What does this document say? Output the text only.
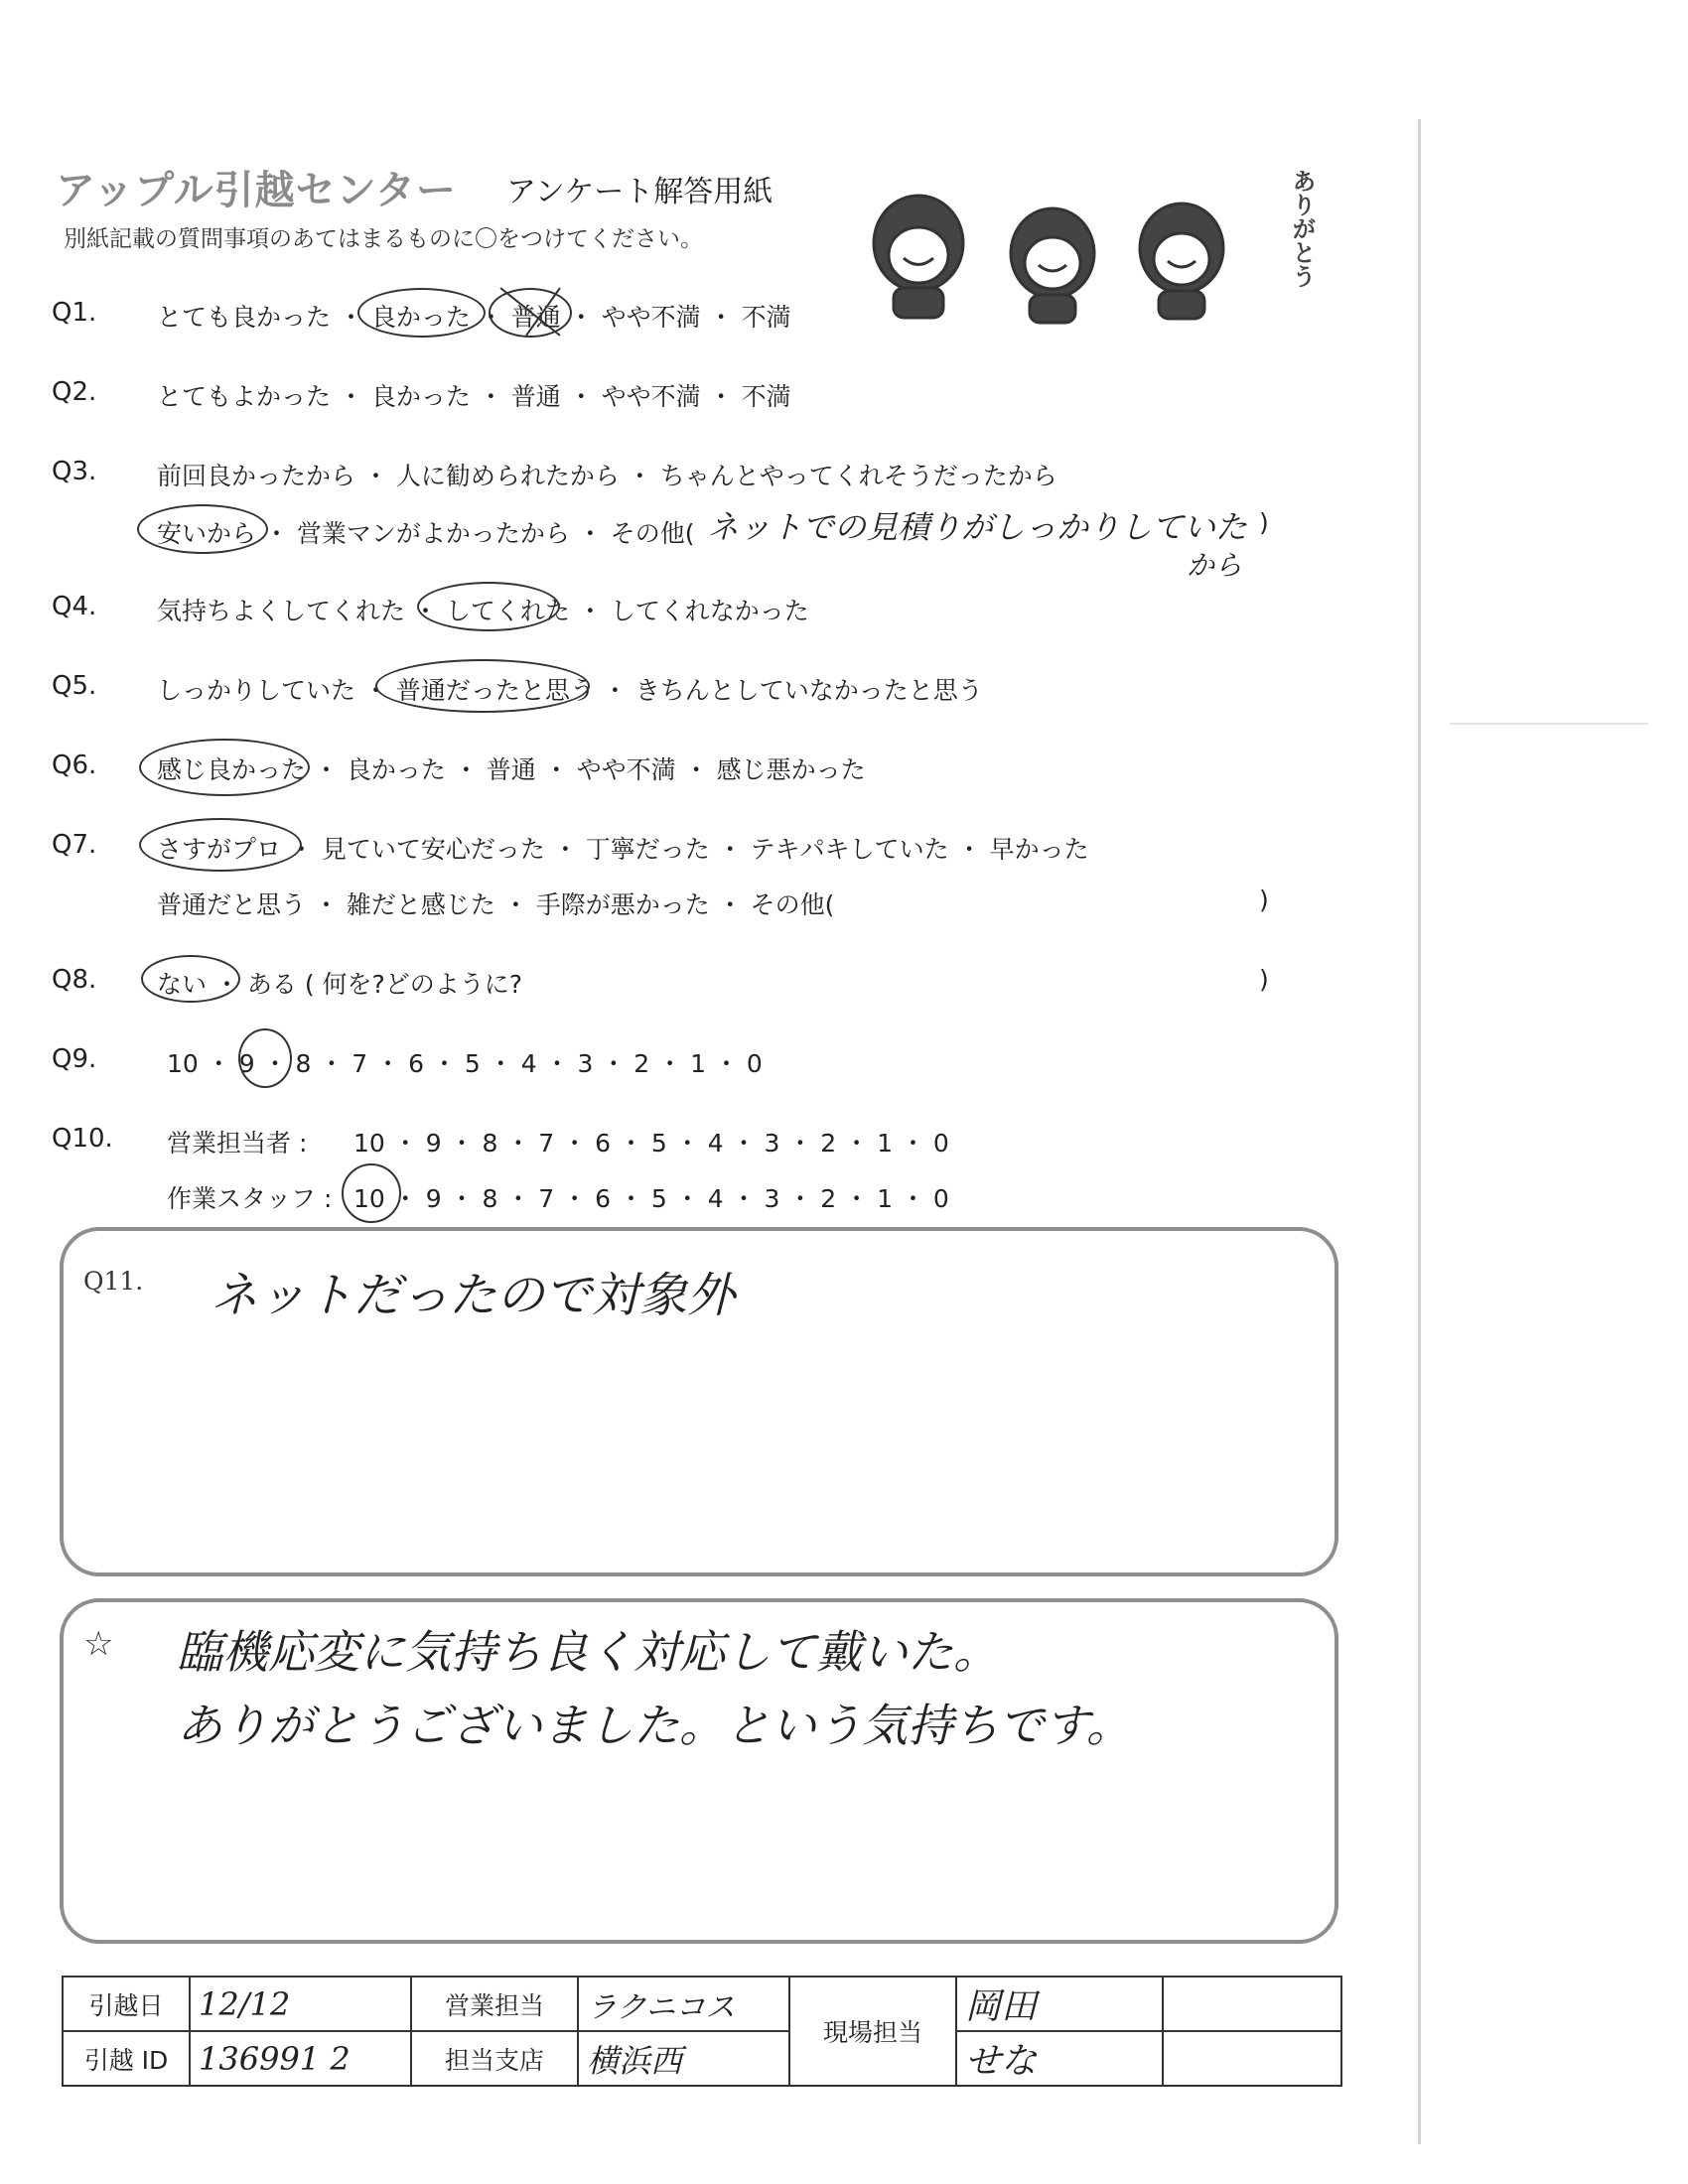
アップル引越センター アンケート解答用紙
別紙記載の質問事項のあてはまるものに〇をつけてください。	ありがとう
Q1. とても良かった ・ 良かった ・ 普通 ・ やや不満 ・ 不満
Q2. とてもよかった ・ 良かった ・ 普通 ・ やや不満 ・ 不満
Q3. 前回良かったから ・ 人に勧められたから ・ ちゃんとやってくれそうだったから
安いから ・ 営業マンがよかったから ・ その他( ネットでの見積りがしっかりしていた )
から
Q4. 気持ちよくしてくれた ・ してくれた ・ してくれなかった
Q5. しっかりしていた ・ 普通だったと思う ・ きちんとしていなかったと思う
Q6. 感じ良かった ・ 良かった ・ 普通 ・ やや不満 ・ 感じ悪かった
Q7. さすがプロ ・ 見ていて安心だった ・ 丁寧だった ・ テキパキしていた ・ 早かった
普通だと思う ・ 雑だと感じた ・ 手際が悪かった ・ その他(	)
Q8. ない ・ ある ( 何を?どのように?	)
Q9.	10 ・ 9 ・ 8 ・ 7 ・ 6 ・ 5 ・ 4 ・ 3 ・ 2 ・ 1 ・ 0
Q10. 営業担当者 : 10 ・ 9 ・ 8 ・ 7 ・ 6 ・ 5 ・ 4 ・ 3 ・ 2 ・ 1 ・ 0
作業スタッフ : 10 ・ 9 ・ 8 ・ 7 ・ 6 ・ 5 ・ 4 ・ 3 ・ 2 ・ 1 ・ 0
Q11. ネットだったので対象外
☆ 臨機応変に気持ち良く対応して戴いた。
ありがとうございました。という気持ちです。
引越日	12/12	営業担当	ラクニコス	現場担当	岡田	
引越 ID	136991 2	担当支店	横浜西		せな	
